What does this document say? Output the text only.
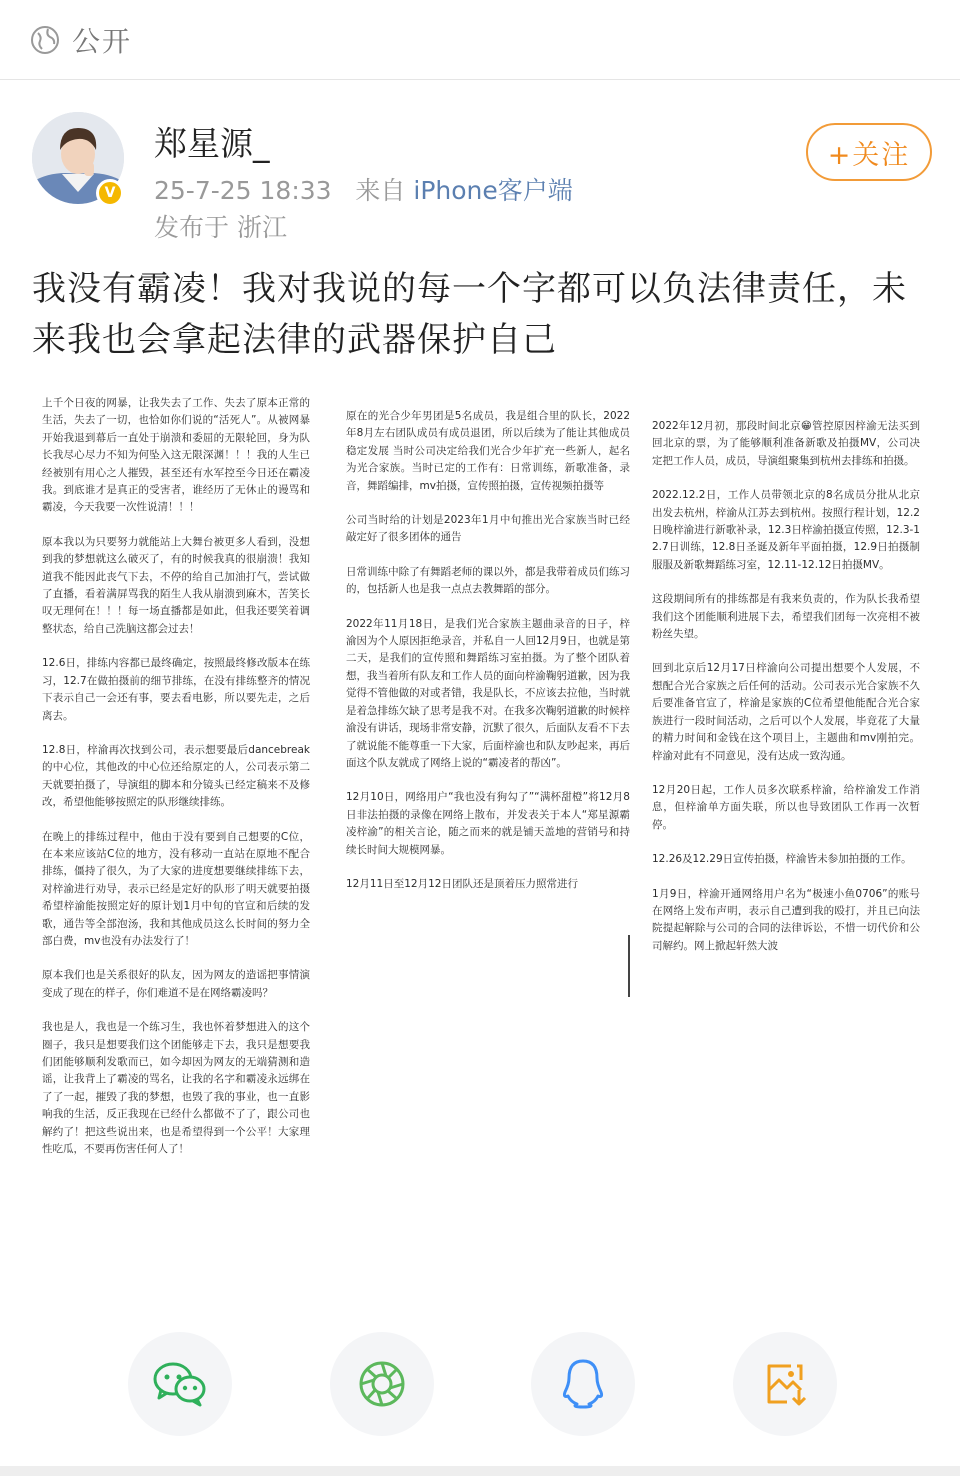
公开
V
郑星源_
25-7-25 18:33 来自 iPhone客户端
发布于 浙江
+关注
我没有霸凌！我对我说的每一个字都可以负法律责任，未来我也会拿起法律的武器保护自己

上千个日夜的网暴，让我失去了工作、失去了原本正常的生活，失去了一切，也恰如你们说的“活死人”。从被网暴开始我退到幕后一直处于崩溃和委屈的无限轮回，身为队长我尽心尽力不知为何坠入这无限深渊！！！我的人生已经被别有用心之人摧毁，甚至还有水军控至今日还在霸凌我。到底谁才是真正的受害者，谁经历了无休止的谩骂和霸凌，今天我要一次性说清！！！

原本我以为只要努力就能站上大舞台被更多人看到，没想到我的梦想就这么破灭了，有的时候我真的很崩溃！我知道我不能因此丧气下去，不停的给自己加油打气，尝试做了直播，看着满屏骂我的陌生人我从崩溃到麻木，苦笑长叹无理何在！！！每一场直播都是如此，但我还要笑着调整状态，给自己洗脑这都会过去！

12.6日，排练内容都已最终确定，按照最终修改版本在练习，12.7在做拍摄前的细节排练，在没有排练整齐的情况下表示自己一会还有事，要去看电影，所以要先走，之后离去。

12.8日，梓渝再次找到公司，表示想要最后dancebreak的中心位，其他改的中心位还给原定的人，公司表示第二天就要拍摄了，导演组的脚本和分镜头已经定稿来不及修改，希望他能够按照定的队形继续排练。

在晚上的排练过程中，他由于没有要到自己想要的C位，在本来应该站C位的地方，没有移动一直站在原地不配合排练，僵持了很久，为了大家的进度想要继续排练下去，对梓渝进行劝导，表示已经是定好的队形了明天就要拍摄希望梓渝能按照定好的原计划1月中旬的官宣和后续的发歌，通告等全部泡汤，我和其他成员这么长时间的努力全部白费，mv也没有办法发行了！

原本我们也是关系很好的队友，因为网友的造谣把事情演变成了现在的样子，你们难道不是在网络霸凌吗？

我也是人，我也是一个练习生，我也怀着梦想进入的这个圈子，我只是想要我们这个团能够走下去，我只是想要我们团能够顺利发歌而已，如今却因为网友的无端猜测和造谣，让我背上了霸凌的骂名，让我的名字和霸凌永远绑在了了一起，摧毁了我的梦想，也毁了我的事业，也一直影响我的生活，反正我现在已经什么都做不了了，跟公司也解约了！把这些说出来，也是希望得到一个公平！大家理性吃瓜，不要再伤害任何人了！

原在的光合少年男团是5名成员，我是组合里的队长，2022年8月左右团队成员有成员退团，所以后续为了能让其他成员稳定发展 当时公司决定给我们光合少年扩充一些新人，起名为光合家族。当时已定的工作有：日常训练，新歌准备，录音，舞蹈编排，mv拍摄，宣传照拍摄，宣传视频拍摄等

公司当时给的计划是2023年1月中旬推出光合家族当时已经敲定好了很多团体的通告

日常训练中除了有舞蹈老师的课以外，都是我带着成员们练习的，包括新人也是我一点点去教舞蹈的部分。

2022年11月18日，是我们光合家族主题曲录音的日子，梓渝因为个人原因拒绝录音，并私自一人回12月9日，也就是第二天，是我们的宣传照和舞蹈练习室拍摄。为了整个团队着想，我当着所有队友和工作人员的面向梓渝鞠躬道歉，因为我觉得不管他做的对或者错，我是队长，不应该去拉他，当时就是着急排练欠缺了思考是我不对。在我多次鞠躬道歉的时候梓渝没有讲话，现场非常安静，沉默了很久，后面队友看不下去了就说能不能尊重一下大家，后面梓渝也和队友吵起来，再后面这个队友就成了网络上说的“霸凌者的帮凶”。

12月10日，网络用户“我也没有狗勾了”“满杯甜橙”将12月8日非法拍摄的录像在网络上散布，并发表关于本人“郑星源霸凌梓渝”的相关言论，随之而来的就是铺天盖地的营销号和持续长时间大规模网暴。

12月11日至12月12日团队还是顶着压力照常进行

2022年12月初，那段时间北京😁管控原因梓渝无法买到回北京的票，为了能够顺利准备新歌及拍摄MV，公司决定把工作人员，成员，导演组聚集到杭州去排练和拍摄。

2022.12.2日，工作人员带领北京的8名成员分批从北京出发去杭州，梓渝从江苏去到杭州。按照行程计划，12.2日晚梓渝进行新歌补录，12.3日梓渝拍摄宣传照，12.3-12.7日训练，12.8日圣诞及新年平面拍摄，12.9日拍摄制服服及新歌舞蹈练习室，12.11-12.12日拍摄MV。

这段期间所有的排练都是有我来负责的，作为队长我希望我们这个团能顺利进展下去，希望我们团每一次亮相不被粉丝失望。

回到北京后12月17日梓渝向公司提出想要个人发展，不想配合光合家族之后任何的活动。公司表示光合家族不久后要准备官宣了，梓渝是家族的C位希望他能配合光合家族进行一段时间活动，之后可以个人发展，毕竟花了大量的精力时间和金钱在这个项目上，主题曲和mv刚拍完。梓渝对此有不同意见，没有达成一致沟通。

12月20日起，工作人员多次联系梓渝，给梓渝发工作消息，但梓渝单方面失联，所以也导致团队工作再一次暂停。

12.26及12.29日宣传拍摄，梓渝皆未参加拍摄的工作。

1月9日，梓渝开通网络用户名为“极速小鱼0706”的账号在网络上发布声明，表示自己遭到我的殴打，并且已向法院提起解除与公司的合同的法律诉讼，不惜一切代价和公司解约。网上掀起轩然大波
